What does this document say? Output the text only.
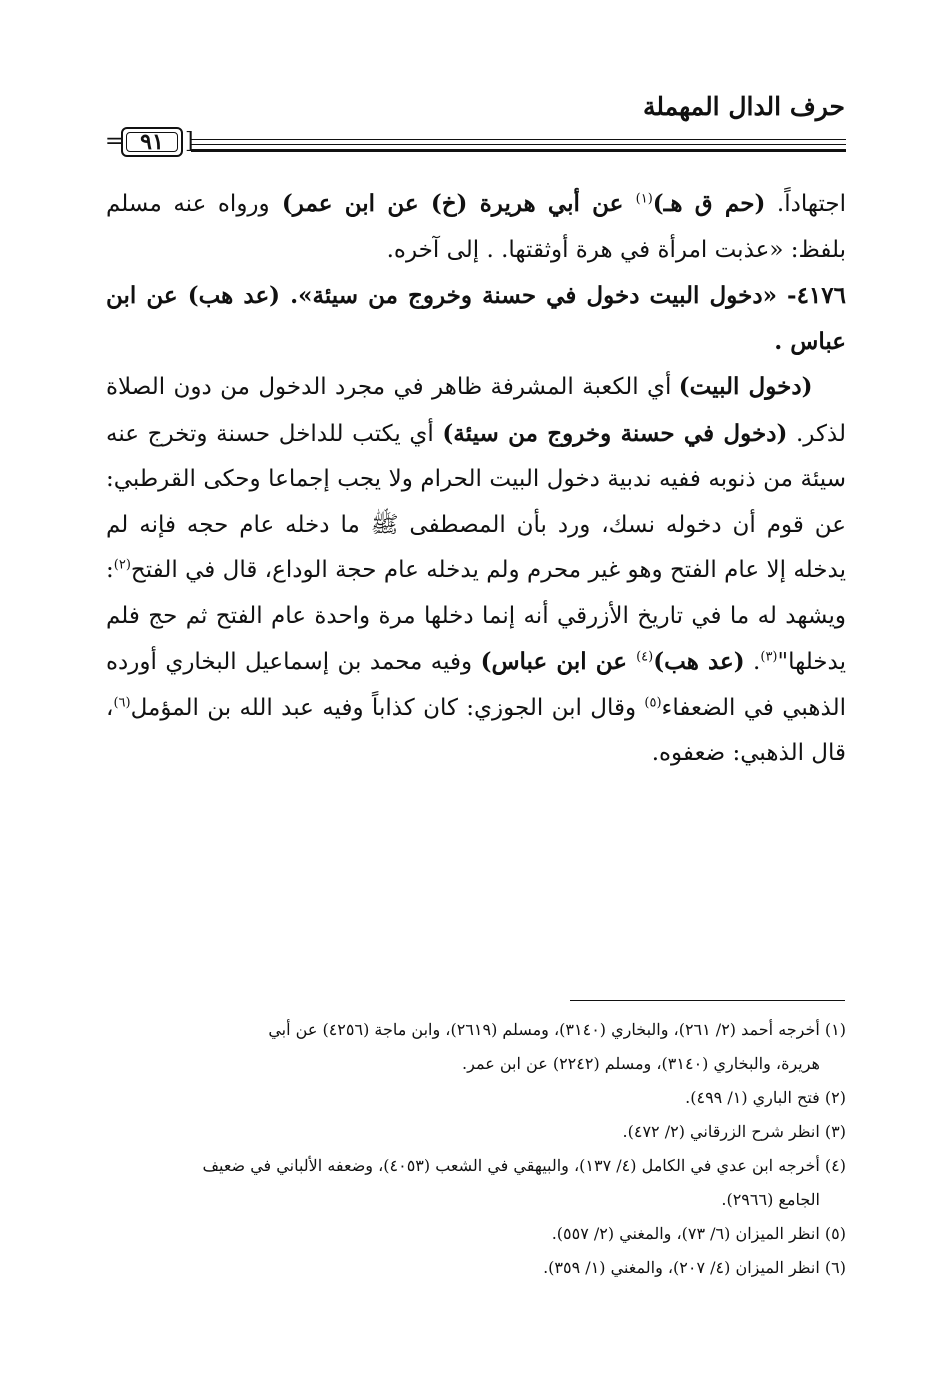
حرف الدال المهملة
= ٩١ ]

اجتهاداً. (حم ق هـ)$^{(١)}$ عن أبي هريرة (خ) عن ابن عمر) ورواه عنه مسلم بلفظ: «عذبت امرأة في هرة أوثقتها. . إلى آخره.

٤١٧٦- «دخول البيت دخول في حسنة وخروج من سيئة». (عد هب) عن ابن عباس .

(دخول البيت) أي الكعبة المشرفة ظاهر في مجرد الدخول من دون الصلاة لذكر. (دخول في حسنة وخروج من سيئة) أي يكتب للداخل حسنة وتخرج عنه سيئة من ذنوبه ففيه ندبية دخول البيت الحرام ولا يجب إجماعا وحكى القرطبي: عن قوم أن دخوله نسك، ورد بأن المصطفى ﷺ ما دخله عام حجه فإنه لم يدخله إلا عام الفتح وهو غير محرم ولم يدخله عام حجة الوداع، قال في الفتح$^{(٢)}$: ويشهد له ما في تاريخ الأزرقي أنه إنما دخلها مرة واحدة عام الفتح ثم حج فلم يدخلها"$^{(٣)}$. (عد هب)$^{(٤)}$ عن ابن عباس) وفيه محمد بن إسماعيل البخاري أورده الذهبي في الضعفاء$^{(٥)}$ وقال ابن الجوزي: كان كذاباً وفيه عبد الله بن المؤمل$^{(٦)}$، قال الذهبي: ضعفوه.

(١) أخرجه أحمد (٢/ ٢٦١)، والبخاري (٣١٤٠)، ومسلم (٢٦١٩)، وابن ماجة (٤٢٥٦) عن أبي

هريرة، والبخاري (٣١٤٠)، ومسلم (٢٢٤٢) عن ابن عمر.

(٢) فتح الباري (١/ ٤٩٩).

(٣) انظر شرح الزرقاني (٢/ ٤٧٢).

(٤) أخرجه ابن عدي في الكامل (٤/ ١٣٧)، والبيهقي في الشعب (٤٠٥٣)، وضعفه الألباني في ضعيف

الجامع (٢٩٦٦).

(٥) انظر الميزان (٦/ ٧٣)، والمغني (٢/ ٥٥٧).

(٦) انظر الميزان (٤/ ٢٠٧)، والمغني (١/ ٣٥٩).
